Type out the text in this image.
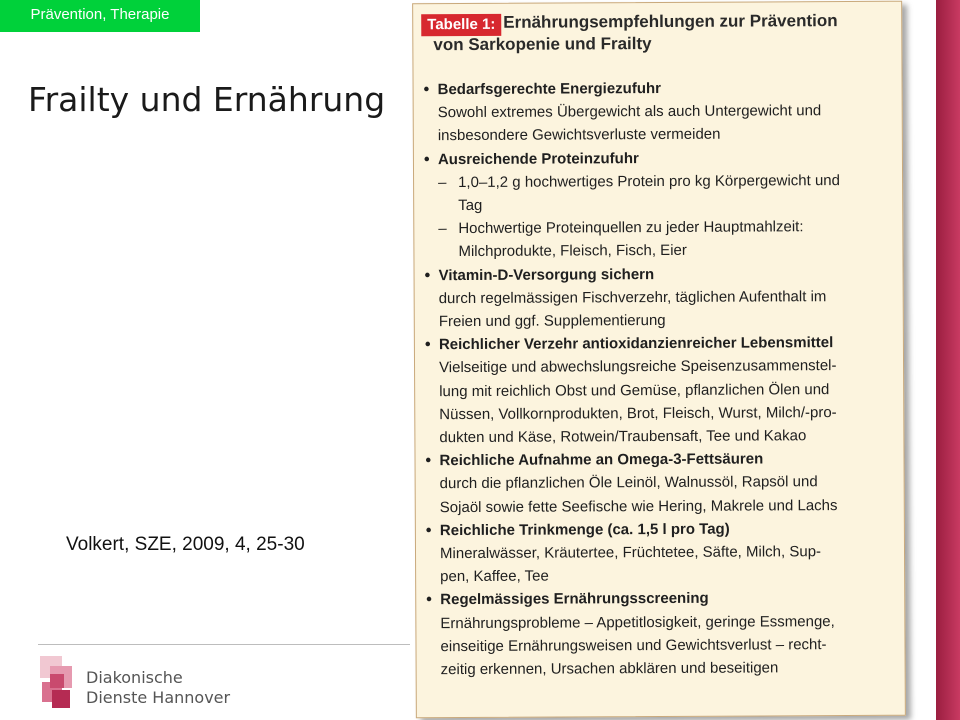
Prävention, Therapie
Frailty und Ernährung
Volkert, SZE, 2009, 4, 25-30
Diakonische
Dienste Hannover
Tabelle 1: Ernährungsempfehlungen zur Prävention
von Sarkopenie und Frailty
• Bedarfsgerechte Energiezufuhr
Sowohl extremes Übergewicht als auch Untergewicht und
insbesondere Gewichtsverluste vermeiden
• Ausreichende Proteinzufuhr
– 1,0–1,2 g hochwertiges Protein pro kg Körpergewicht und
Tag
– Hochwertige Proteinquellen zu jeder Hauptmahlzeit:
Milchprodukte, Fleisch, Fisch, Eier
• Vitamin-D-Versorgung sichern
durch regelmässigen Fischverzehr, täglichen Aufenthalt im
Freien und ggf. Supplementierung
• Reichlicher Verzehr antioxidanzienreicher Lebensmittel
Vielseitige und abwechslungsreiche Speisenzusammenstel-
lung mit reichlich Obst und Gemüse, pflanzlichen Ölen und
Nüssen, Vollkornprodukten, Brot, Fleisch, Wurst, Milch/-pro-
dukten und Käse, Rotwein/Traubensaft, Tee und Kakao
• Reichliche Aufnahme an Omega-3-Fettsäuren
durch die pflanzlichen Öle Leinöl, Walnussöl, Rapsöl und
Sojaöl sowie fette Seefische wie Hering, Makrele und Lachs
• Reichliche Trinkmenge (ca. 1,5 l pro Tag)
Mineralwässer, Kräutertee, Früchtetee, Säfte, Milch, Sup-
pen, Kaffee, Tee
• Regelmässiges Ernährungsscreening
Ernährungsprobleme – Appetitlosigkeit, geringe Essmenge,
einseitige Ernährungsweisen und Gewichtsverlust – recht-
zeitig erkennen, Ursachen abklären und beseitigen
